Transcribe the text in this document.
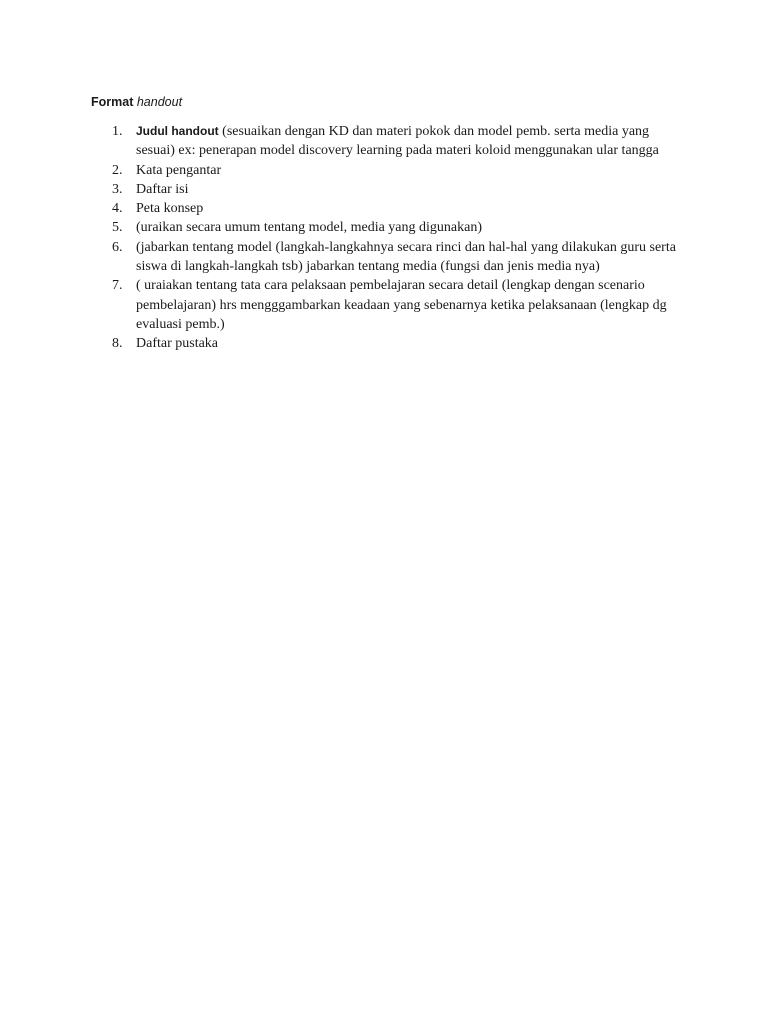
Format handout
1. Judul handout (sesuaikan dengan KD dan materi pokok dan model pemb. serta media yang sesuai) ex: penerapan model discovery learning pada materi koloid menggunakan ular tangga
2. Kata pengantar
3. Daftar isi
4. Peta konsep
5. (uraikan secara umum tentang model, media yang digunakan)
6. (jabarkan tentang model (langkah-langkahnya secara rinci dan hal-hal yang dilakukan guru serta siswa di langkah-langkah tsb) jabarkan tentang media (fungsi dan jenis media nya)
7. ( uraiakan tentang tata cara pelaksaan pembelajaran secara detail (lengkap dengan scenario pembelajaran) hrs mengggambarkan keadaan yang sebenarnya ketika pelaksanaan (lengkap dg evaluasi pemb.)
8. Daftar pustaka
